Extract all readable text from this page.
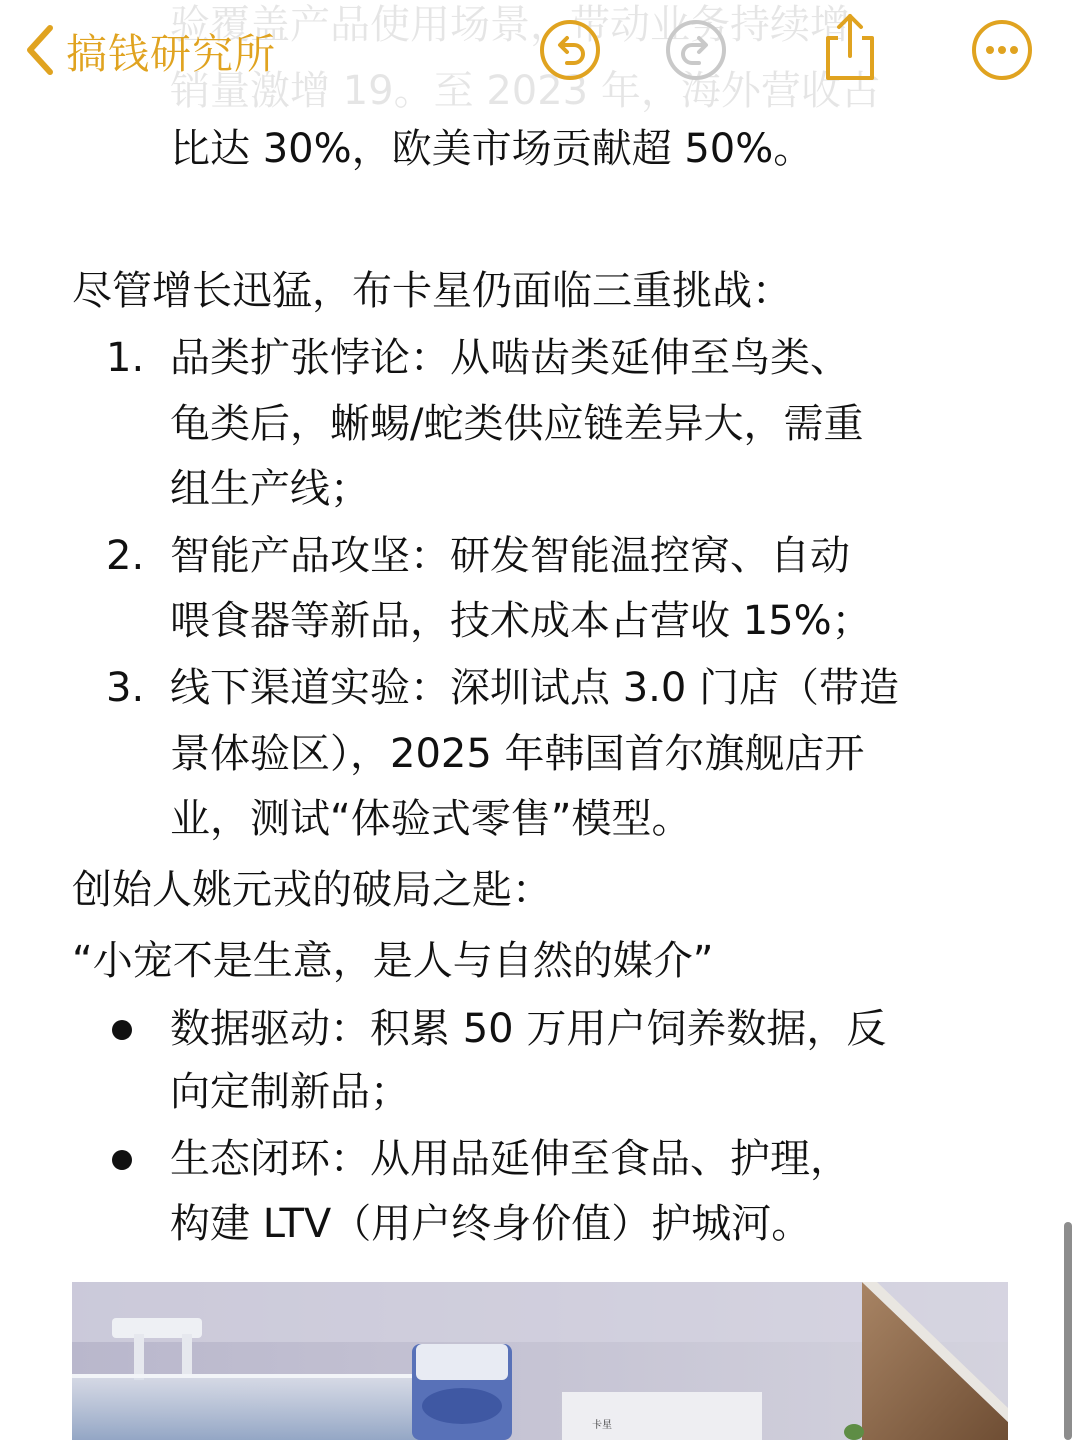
验覆盖产品使用场景，带动业务持续增
销量激增 19。至 2023 年，海外营收占
搞钱研究所
比达 30%，欧美市场贡献超 50%。
尽管增长迅猛，布卡星仍面临三重挑战：
1. 品类扩张悖论：从啮齿类延伸至鸟类、
龟类后，蜥蜴/蛇类供应链差异大，需重
组生产线；
2. 智能产品攻坚：研发智能温控窝、自动
喂食器等新品，技术成本占营收 15%；
3. 线下渠道实验：深圳试点 3.0 门店（带造
景体验区），2025 年韩国首尔旗舰店开
业，测试“体验式零售”模型。
创始人姚元戎的破局之匙：
“小宠不是生意，是人与自然的媒介”
数据驱动：积累 50 万用户饲养数据，反
向定制新品；
生态闭环：从用品延伸至食品、护理，
构建 LTV（用户终身价值）护城河。
卡星
